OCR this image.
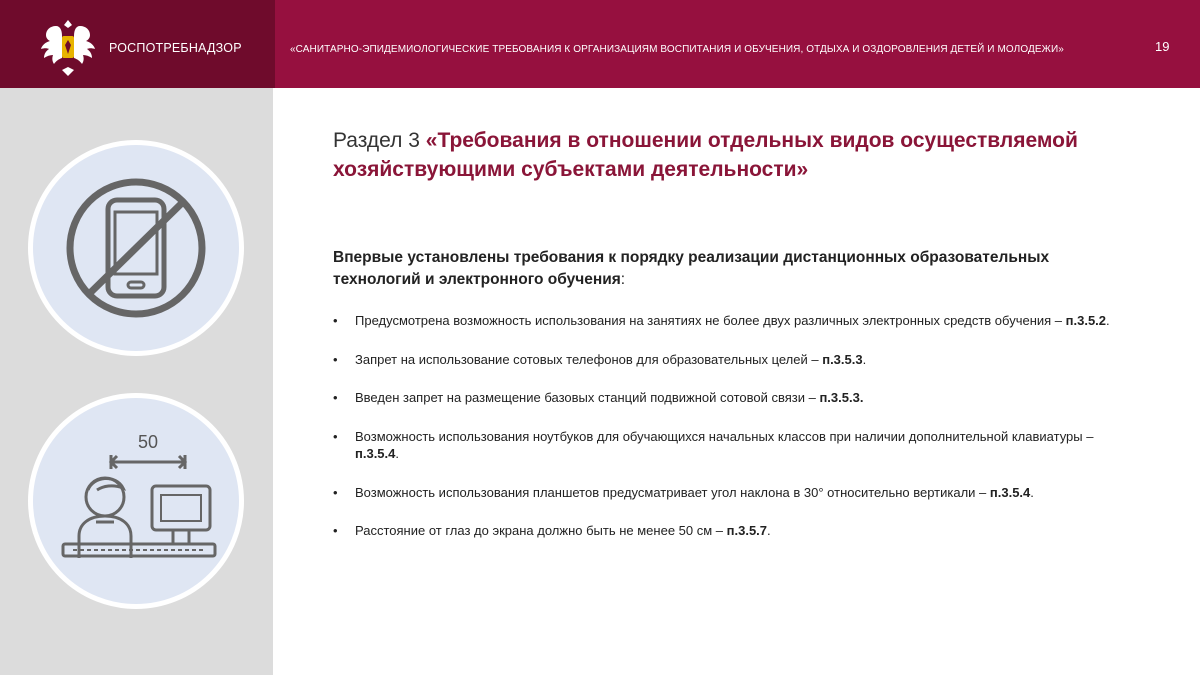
РОСПОТРЕБНАДЗОР	«САНИТАРНО-ЭПИДЕМИОЛОГИЧЕСКИЕ ТРЕБОВАНИЯ К ОРГАНИЗАЦИЯМ ВОСПИТАНИЯ И ОБУЧЕНИЯ, ОТДЫХА И ОЗДОРОВЛЕНИЯ ДЕТЕЙ И МОЛОДЕЖИ»	19
50
Раздел 3 «Требования в отношении отдельных видов осуществляемой хозяйствующими субъектами деятельности»
Впервые установлены требования к порядку реализации дистанционных образовательных технологий и электронного обучения:
• Предусмотрена возможность использования на занятиях не более двух различных электронных средств обучения – п.3.5.2.
• Запрет на использование сотовых телефонов для образовательных целей – п.3.5.3.
• Введен запрет на размещение базовых станций подвижной сотовой связи – п.3.5.3.
• Возможность использования ноутбуков для обучающихся начальных классов при наличии дополнительной клавиатуры – п.3.5.4.
• Возможность использования планшетов предусматривает угол наклона в 30° относительно вертикали – п.3.5.4.
• Расстояние от глаз до экрана должно быть не менее 50 см – п.3.5.7.
